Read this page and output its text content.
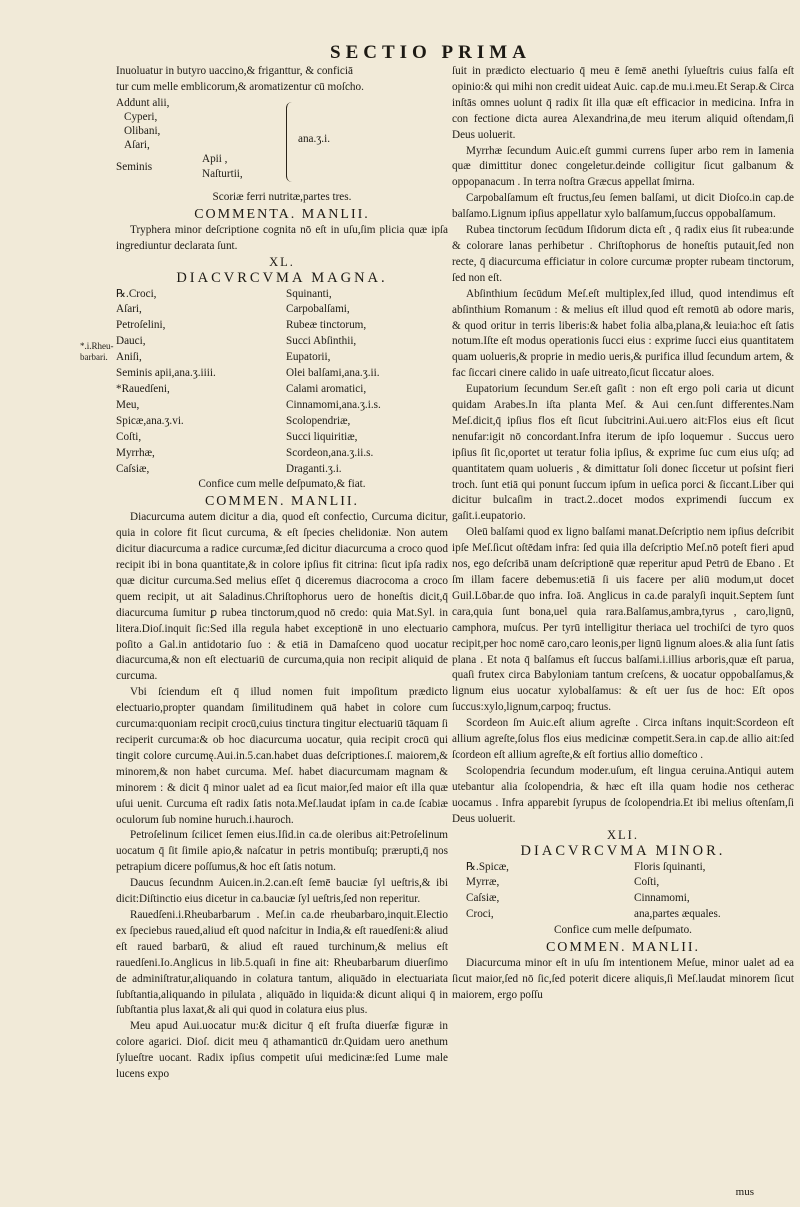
SECTIO PRIMA
*.i.Rheu-
barbari.

Inuoluatur in butyro uaccino,& friganttur, & conficiā

tur cum melle emblicorum,& aromatizentur cū moſcho.

Addunt alii,
Cyperi,
Olibani,
Aſari,
Seminis
Apii ,
Naſturtii,
ana.ʒ.i.

Scoriæ ferri nutritæ,partes tres.

COMMENTA. MANLII.

Tryphera minor deſcriptione cognita nō eſt in uſu,ſim plicia quæ ipſa ingrediuntur declarata ſunt.

XL.
DIACVRCVMA MAGNA.
℞.Croci,	Squinanti,
Aſari,	Carpobalſami,
Petroſelini,	Rubeæ tinctorum,
Dauci,	Succi Abſinthii,
Aniſi,	Eupatorii,
Seminis apii,ana.ʒ.iiii.	Olei balſami,ana.ʒ.ii.
*Rauedſeni,	Calami aromatici,
Meu,	Cinnamomi,ana.ʒ.i.s.
Spicæ,ana.ʒ.vi.	Scolopendriæ,
Coſti,	Succi liquiritiæ,
Myrrhæ,	Scordeon,ana.ʒ.ii.s.
Caſsiæ,	Draganti.ʒ.i.

Confice cum melle deſpumato,& fiat.

COMMEN. MANLII.

Diacurcuma autem dicitur a dia, quod eſt confectio, Curcuma dicitur, quia in colore fit ſicut curcuma, & eſt ſpecies chelidoniæ. Non autem dicitur diacurcuma a radice curcumæ,ſed dicitur diacurcuma a croco quod recipit ibi in bona quantitate,& in colore ipſius fit citrina: ſicut ipſa radix quæ dicitur curcuma.Sed melius eſſet q̄ diceremus diacrocoma a croco quem recipit, ut ait Saladinus.Chriſtophorus uero de honeſtis dicit,q̄ diacurcuma ſumitur ꝑ rubea tinctorum,quod nō credo: quia Mat.Syl. in litera.Dioſ.inquit ſic:Sed illa regula habet exceptionē in uno electuario poſito a Gal.in antidotario ſuo : & etiā in Damaſceno quod uocatur diacurcuma,& non eſt electuariū de curcuma,quia non recipit aliquid de curcuma.

Vbi ſciendum eſt q̄ illud nomen fuit impoſitum prædicto electuario,propter quandam ſimilitudinem quā habet in colore cum curcuma:quoniam recipit crocū,cuius tinctura tingitur electuariū tāquam ſi reciperit curcuma:& ob hoc diacurcuma uocatur, quia recipit crocū qui tingit colore curcumę.Aui.in.5.can.habet duas deſcriptiones.ſ. maiorem,& minorem,& non habet curcuma. Meſ. habet diacurcumam magnam & minorem : & dicit q̄ minor ualet ad ea ſicut maior,ſed maior eſt illa quæ uſui uenit. Curcuma eſt radix ſatis nota.Meſ.laudat ipſam in ca.de ſcabiæ oculorum ſub nomine huruch.i.hauroch.

Petroſelinum ſcilicet ſemen eius.Iſid.in ca.de oleribus ait:Petroſelinum uocatum q̄ ſit ſimile apio,& naſcatur in petris montibuſq; prærupti,q̄ nos petrapium dicere poſſumus,& hoc eſt ſatis notum.

Daucus ſecundnm Auicen.in.2.can.eſt ſemē bauciæ ſyl ueſtris,& ibi dicit:Diſtinctio eius dicetur in ca.bauciæ ſyl ueſtris,ſed non reperitur.

Rauedſeni.i.Rheubarbarum . Meſ.in ca.de rheubarbaro,inquit.Electio ex ſpeciebus raued,aliud eſt quod naſcitur in India,& eſt rauedſeni:& aliud eſt raued barbarū, & aliud eſt raued turchinum,& melius eſt rauedſeni.Io.Anglicus in lib.5.quaſi in fine ait: Rheubarbarum diuerſimo de adminiſtratur,aliquando in colatura tantum, aliquādo in electuariata ſubſtantia,aliquando in pilulata , aliquādo in liquida:& dicunt aliqui q̄ in ſubſtantia plus laxat,& ali qui quod in colatura eius plus.

Meu apud Aui.uocatur mu:& dicitur q̄ eſt fruſta diuerſæ figuræ in colore agarici. Dioſ. dicit meu q̄ athamanticū dr.Quidam uero anethum ſylueſtre uocant. Radix ipſius competit uſui medicinæ:ſed Lume male lucens expo

ſuit in prædicto electuario q̄ meu ē ſemē anethi ſylueſtris cuius falſa eſt opinio:& qui mihi non credit uideat Auic. cap.de mu.i.meu.Et Serap.& Circa inſtās omnes uolunt q̄ radix ſit illa quæ eſt efficacior in medicina. Infra in con fectione dicta aurea Alexandrina,de meu iterum aliquid oſtendam,ſi Deus uoluerit.

Myrrhæ ſecundum Auic.eſt gummi currens ſuper arbo rem in Iamenia quæ dimittitur donec congeletur.deinde colligitur ſicut galbanum & oppopanacum . In terra noſtra Græcus appellat ſmirna.

Carpobalſamum eſt fructus,ſeu ſemen balſami, ut dicit Dioſco.in cap.de balſamo.Lignum ipſius appellatur xylo balſamum,ſuccus oppobalſamum.

Rubea tinctorum ſecūdum Iſidorum dicta eſt , q̄ radix eius ſit rubea:unde & colorare lanas perhibetur . Chriſtophorus de honeſtis putauit,ſed non recte, q̄ diacurcuma efficiatur in colore curcumæ propter rubeam tinctorum, ſed non eſt.

Abſinthium ſecūdum Meſ.eſt multiplex,ſed illud, quod intendimus eſt abſinthium Romanum : & melius eſt illud quod eſt remotū ab odore maris, & quod oritur in terris liberis:& habet folia alba,plana,& leuia:hoc eſt ſatis notum.Iſte eſt modus operationis ſucci eius : exprime ſucci eius quantitatem quam uolueris,& proprie in medio ueris,& purifica illud ſecundum artem, & fac ſiccari cinere calido in uaſe uitreato,ſicut ſiccatur aloes.

Eupatorium ſecundum Ser.eſt gaſit : non eſt ergo poli caria ut dicunt quidam Arabes.In iſta planta Meſ. & Aui cen.ſunt differentes.Nam Meſ.dicit,q̄ ipſius flos eſt ſicut ſubcitrini.Aui.uero ait:Flos eius eſt ſicut nenufar:igit nō concordant.Infra iterum de ipſo loquemur . Succus uero ipſius ſit ſic,oportet ut teratur folia ipſius, & exprime ſuc cum eius uſq; ad quantitatem quam uolueris , & dimittatur ſoli donec ſiccetur ut poſsint fieri troch. ſunt etiā qui ponunt ſuccum ipſum in ueſica porci & ſiccant.Liber qui dicitur bulcaſim in tract.2..docet modos exprimendi ſuccum ex gaſit.i.eupatorio.

Oleū balſami quod ex ligno balſami manat.Deſcriptio nem ipſius deſcribit ipſe Meſ.ſicut oſtēdam infra: ſed quia illa deſcriptio Meſ.nō poteſt fieri apud nos, ego deſcribā unam deſcriptionē quæ reperitur apud Petrū de Ebano . Et ſm illam facere debemus:etiā ſi uis facere per aliū modum,ut docet Guil.Lōbar.de quo infra. Ioā. Anglicus in ca.de paralyſi inquit.Septem ſunt cara,quia ſunt bona,uel quia rara.Balſamus,ambra,tyrus , caro,lignū, camphora, muſcus. Per tyrū intelligitur theriaca uel trochiſci de tyro quos recipit,per hoc nomē caro,caro leonis,per lignū lignum aloes.& alia ſunt ſatis plana . Et nota q̄ balſamus eſt ſuccus balſami.i.illius arboris,quæ eſt parua, quaſi frutex circa Babyloniam tantum creſcens, & uocatur oppobalſamus,& lignum eius uocatur xylobalſamus: & eſt uer ſus de hoc: Eſt opos ſuccus:xylo,lignum,carpoq; fructus.

Scordeon ſm Auic.eſt alium agreſte . Circa inſtans inquit:Scordeon eſt allium agreſte,ſolus flos eius medicinæ competit.Sera.in cap.de allio ait:ſed ſcordeon eſt allium agreſte,& eſt fortius allio domeſtico .

Scolopendria ſecundum moder.uſum, eſt lingua ceruina.Antiqui autem utebantur alia ſcolopendria, & hæc eſt illa quam hodie nos cetherac uocamus . Infra apparebit ſyrupus de ſcolopendria.Et ibi melius oſtenſam,ſi Deus uoluerit.

XLI.
DIACVRCVMA MINOR.
℞.Spicæ,	Floris ſquinanti,
Myrræ,	Coſti,
Caſsiæ,	Cinnamomi,
Croci,	ana,partes æquales.

Confice cum melle deſpumato.

COMMEN. MANLII.

Diacurcuma minor eſt in uſu ſm intentionem Meſue, minor ualet ad ea ſicut maior,ſed nō ſic,ſed poterit dicere aliquis,ſi Meſ.laudat minorem ſicut maiorem, ergo poſſu

mus
